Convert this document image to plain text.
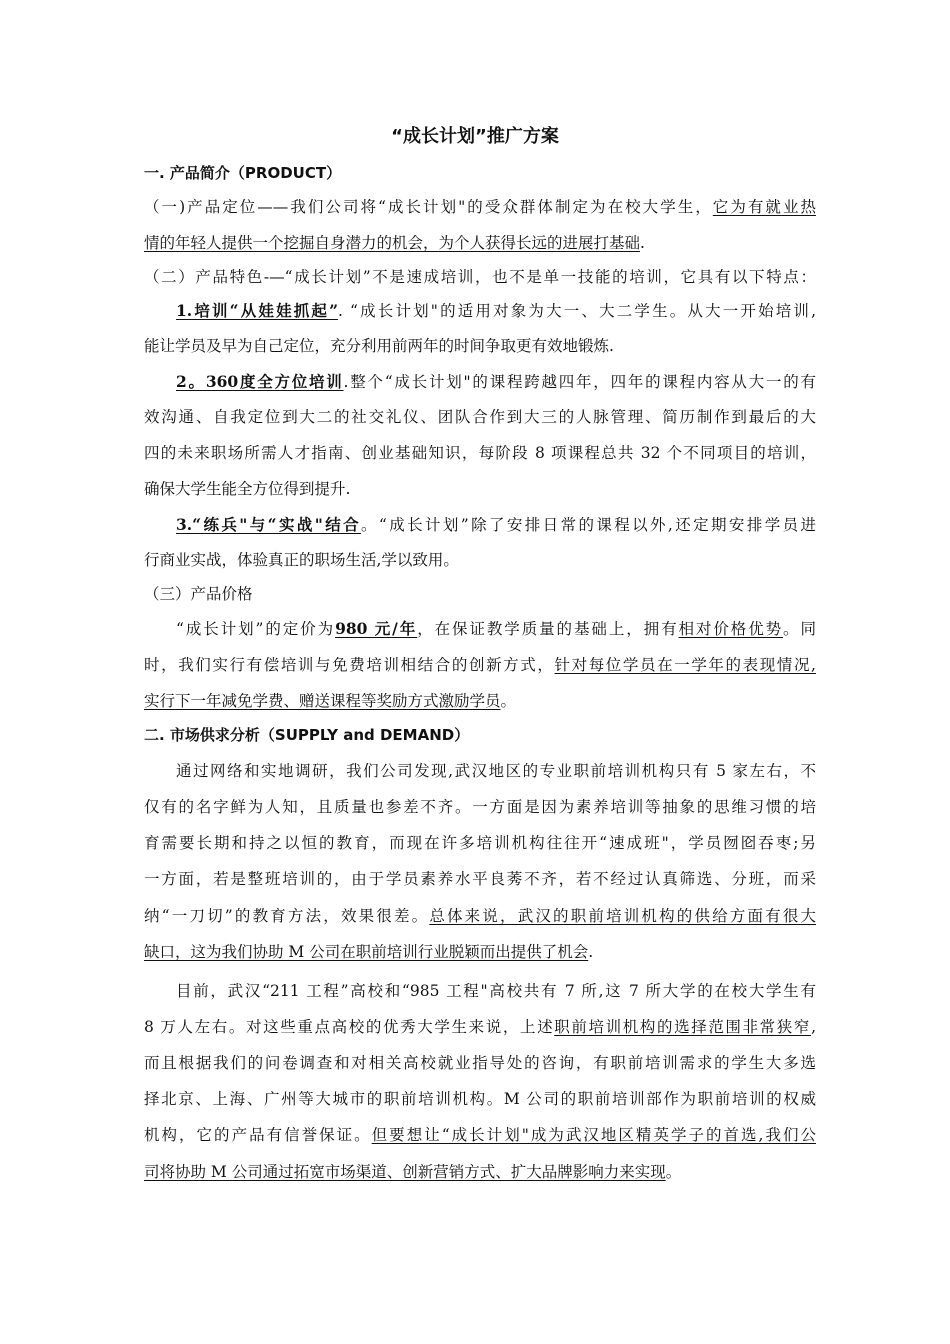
“成长计划”推广方案
一. 产品简介（PRODUCT）
（一)产品定位——我们公司将“成长计划"的受众群体制定为在校大学生，它为有就业热
情的年轻人提供一个挖掘自身潜力的机会，为个人获得长远的进展打基础.
（二）产品特色-—“成长计划”不是速成培训，也不是单一技能的培训，它具有以下特点：
1.培训“从娃娃抓起”. “成长计划"的适用对象为大一、大二学生。从大一开始培训,
能让学员及早为自己定位，充分利用前两年的时间争取更有效地锻炼.
2。360度全方位培训.整个“成长计划"的课程跨越四年，四年的课程内容从大一的有
效沟通、自我定位到大二的社交礼仪、团队合作到大三的人脉管理、简历制作到最后的大
四的未来职场所需人才指南、创业基础知识，每阶段 8 项课程总共 32 个不同项目的培训，
确保大学生能全方位得到提升.
3.“练兵"与“实战"结合。“成长计划”除了安排日常的课程以外,还定期安排学员进
行商业实战，体验真正的职场生活,学以致用。
（三）产品价格
“成长计划”的定价为980 元/年，在保证教学质量的基础上，拥有相对价格优势。同
时，我们实行有偿培训与免费培训相结合的创新方式，针对每位学员在一学年的表现情况,
实行下一年减免学费、赠送课程等奖励方式激励学员。
二. 市场供求分析（SUPPLY and DEMAND）
通过网络和实地调研，我们公司发现,武汉地区的专业职前培训机构只有 5 家左右，不
仅有的名字鲜为人知，且质量也参差不齐。一方面是因为素养培训等抽象的思维习惯的培
育需要长期和持之以恒的教育，而现在许多培训机构往往开“速成班"，学员囫囵吞枣;另
一方面，若是整班培训的，由于学员素养水平良莠不齐，若不经过认真筛选、分班，而采
纳“一刀切”的教育方法，效果很差。总体来说，武汉的职前培训机构的供给方面有很大
缺口，这为我们协助 M 公司在职前培训行业脱颖而出提供了机会.
目前，武汉“211 工程”高校和“985 工程"高校共有 7 所,这 7 所大学的在校大学生有
8 万人左右。对这些重点高校的优秀大学生来说，上述职前培训机构的选择范围非常狭窄,
而且根据我们的问卷调查和对相关高校就业指导处的咨询，有职前培训需求的学生大多选
择北京、上海、广州等大城市的职前培训机构。M 公司的职前培训部作为职前培训的权威
机构，它的产品有信誉保证。但要想让“成长计划"成为武汉地区精英学子的首选,我们公
司将协助 M 公司通过拓宽市场渠道、创新营销方式、扩大品牌影响力来实现。
